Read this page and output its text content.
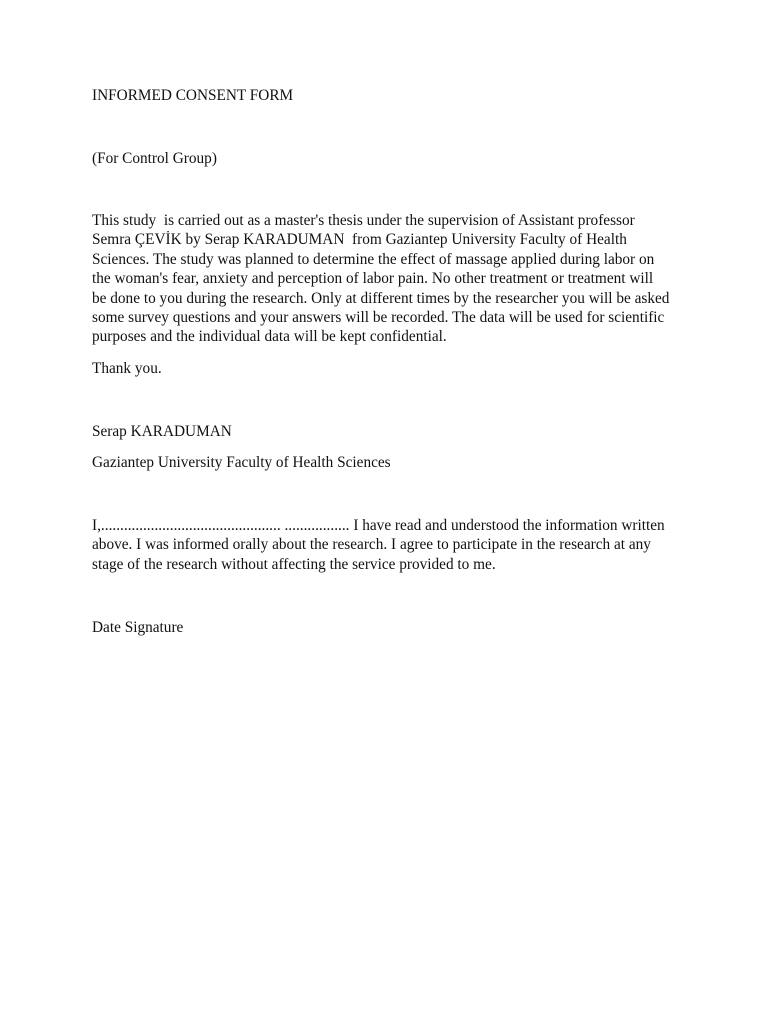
INFORMED CONSENT FORM
(For Control Group)
This study  is carried out as a master's thesis under the supervision of Assistant professor
Semra ÇEVİK by Serap KARADUMAN  from Gaziantep University Faculty of Health
Sciences. The study was planned to determine the effect of massage applied during labor on
the woman's fear, anxiety and perception of labor pain. No other treatment or treatment will
be done to you during the research. Only at different times by the researcher you will be asked
some survey questions and your answers will be recorded. The data will be used for scientific
purposes and the individual data will be kept confidential.
Thank you.
Serap KARADUMAN
Gaziantep University Faculty of Health Sciences
I,............................................... ................. I have read and understood the information written
above. I was informed orally about the research. I agree to participate in the research at any
stage of the research without affecting the service provided to me.
Date Signature
